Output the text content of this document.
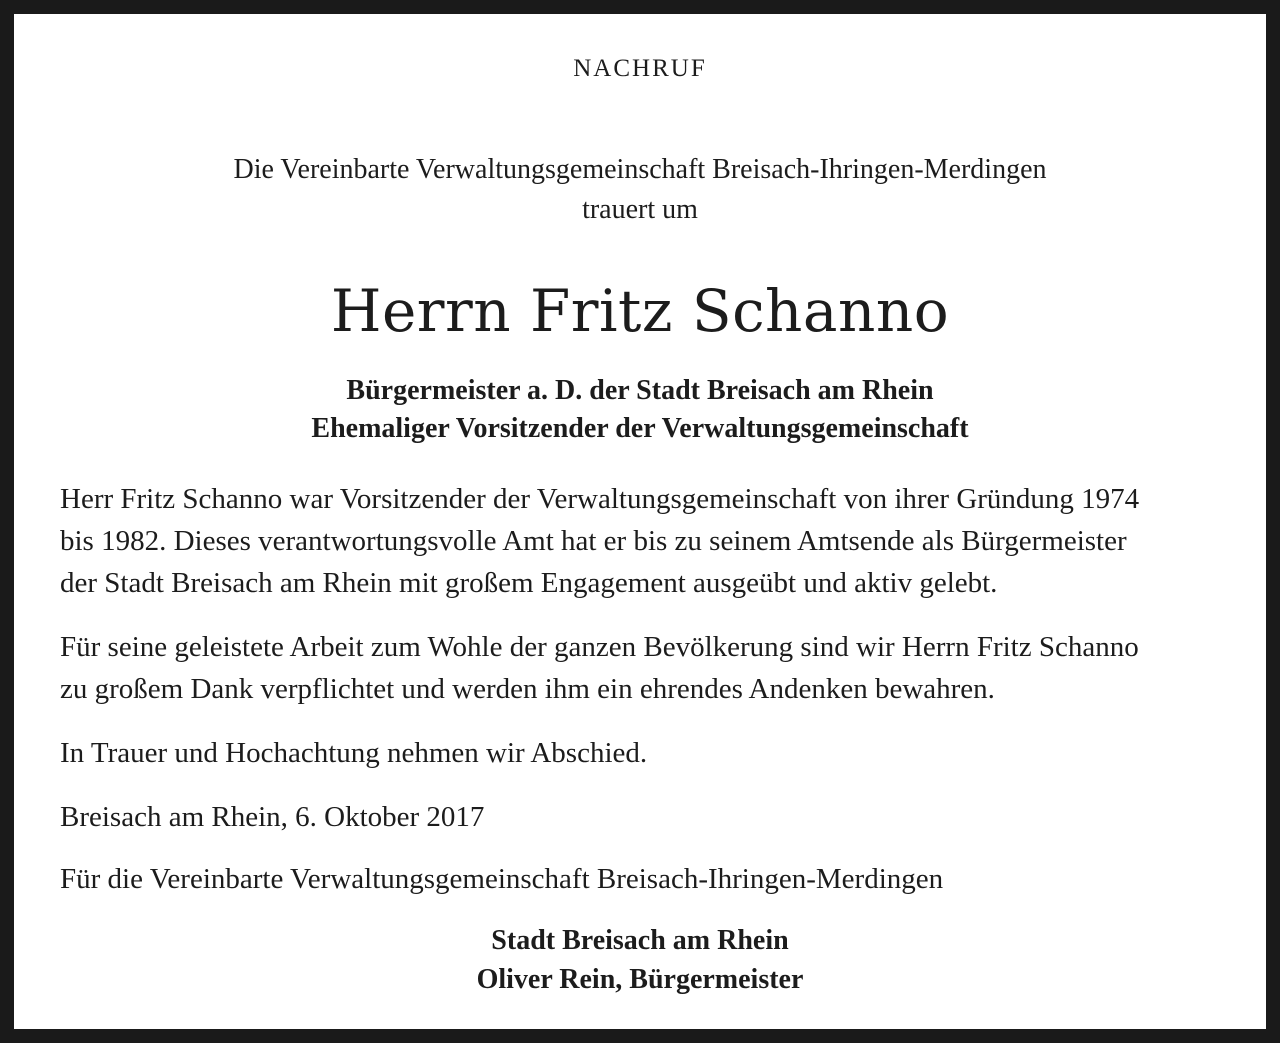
NACHRUF
Die Vereinbarte Verwaltungsgemeinschaft Breisach-Ihringen-Merdingen
trauert um
Herrn Fritz Schanno
Bürgermeister a. D. der Stadt Breisach am Rhein
Ehemaliger Vorsitzender der Verwaltungsgemeinschaft
Herr Fritz Schanno war Vorsitzender der Verwaltungsgemeinschaft von ihrer Gründung 1974
bis 1982. Dieses verantwortungsvolle Amt hat er bis zu seinem Amtsende als Bürgermeister
der Stadt Breisach am Rhein mit großem Engagement ausgeübt und aktiv gelebt.
Für seine geleistete Arbeit zum Wohle der ganzen Bevölkerung sind wir Herrn Fritz Schanno
zu großem Dank verpflichtet und werden ihm ein ehrendes Andenken bewahren.
In Trauer und Hochachtung nehmen wir Abschied.
Breisach am Rhein, 6. Oktober 2017
Für die Vereinbarte Verwaltungsgemeinschaft Breisach-Ihringen-Merdingen
Stadt Breisach am Rhein
Oliver Rein, Bürgermeister
